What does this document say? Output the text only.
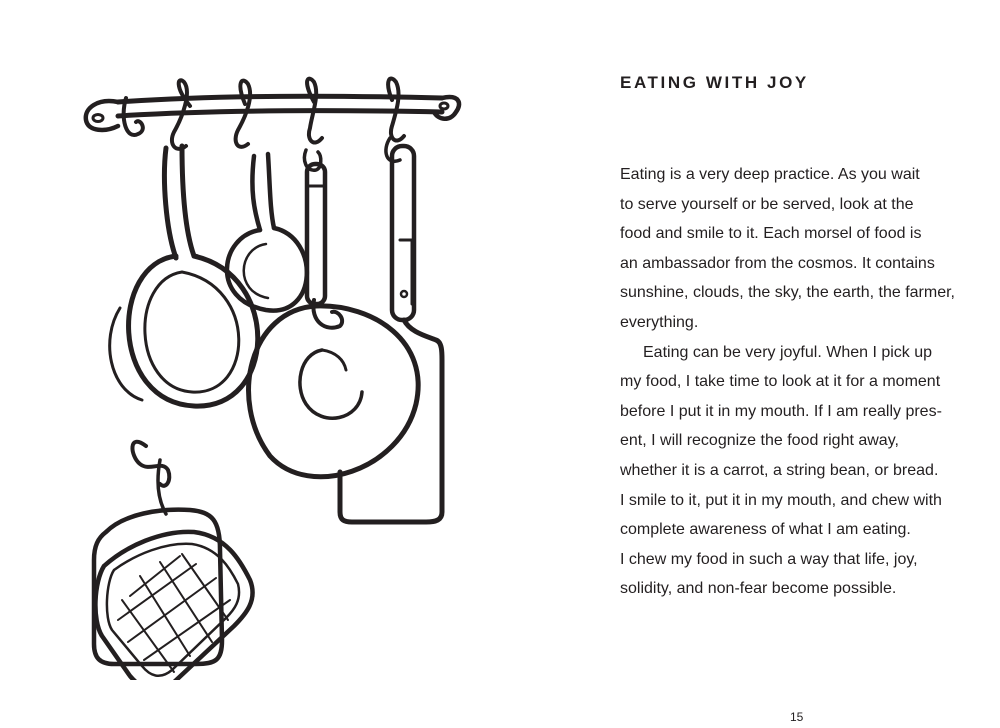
EATING WITH JOY
Eating is a very deep practice. As you wait
to serve yourself or be served, look at the
food and smile to it. Each morsel of food is
an ambassador from the cosmos. It contains
sunshine, clouds, the sky, the earth, the farmer,
everything.
Eating can be very joyful. When I pick up
my food, I take time to look at it for a moment
before I put it in my mouth. If I am really pres-
ent, I will recognize the food right away,
whether it is a carrot, a string bean, or bread.
I smile to it, put it in my mouth, and chew with
complete awareness of what I am eating.
I chew my food in such a way that life, joy,
solidity, and non-fear become possible.
15
